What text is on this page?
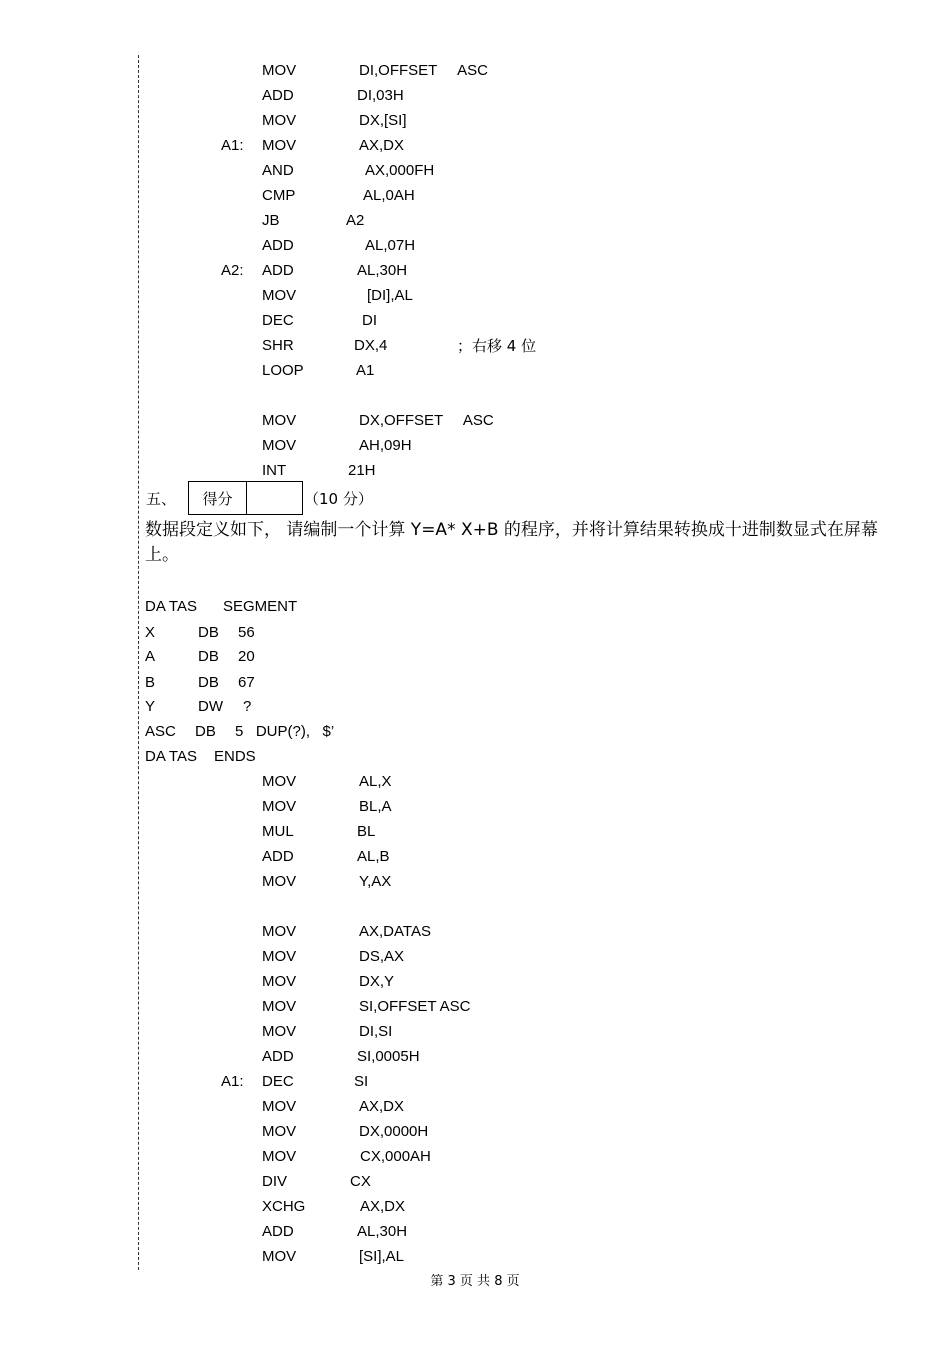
MOV	DI,OFFSET     ASC
ADD	DI,03H
MOV	DX,[SI]
A1: MOV	AX,DX
AND	AX,000FH
CMP	AL,0AH
JB	A2
ADD	AL,07H
A2: ADD	AL,30H
MOV	[DI],AL
DEC	DI
SHR	DX,4
LOOP	A1
MOV	DX,OFFSET     ASC
MOV	AH,09H
INT	21H
；右移 4 位
五、	得分	（10 分）
数据段定义如下， 请编制一个计算 Y=A* X+B 的程序，并将计算结果转换成十进制数显式在屏幕上。
DA TAS SEGMENT
X	DB 56
A	DB 20
B	DB 67
Y	DW ?
ASC DB 5   DUP(?),   $’
DA TAS ENDS
MOV	AL,X
MOV	BL,A
MUL	BL
ADD	AL,B
MOV	Y,AX
MOV	AX,DATAS
MOV	DS,AX
MOV	DX,Y
MOV	SI,OFFSET ASC
MOV	DI,SI
ADD	SI,0005H
A1: DEC	SI
MOV	AX,DX
MOV	DX,0000H
MOV	CX,000AH
DIV	CX
XCHG	AX,DX
ADD	AL,30H
MOV	[SI],AL
第 3 页 共 8 页
